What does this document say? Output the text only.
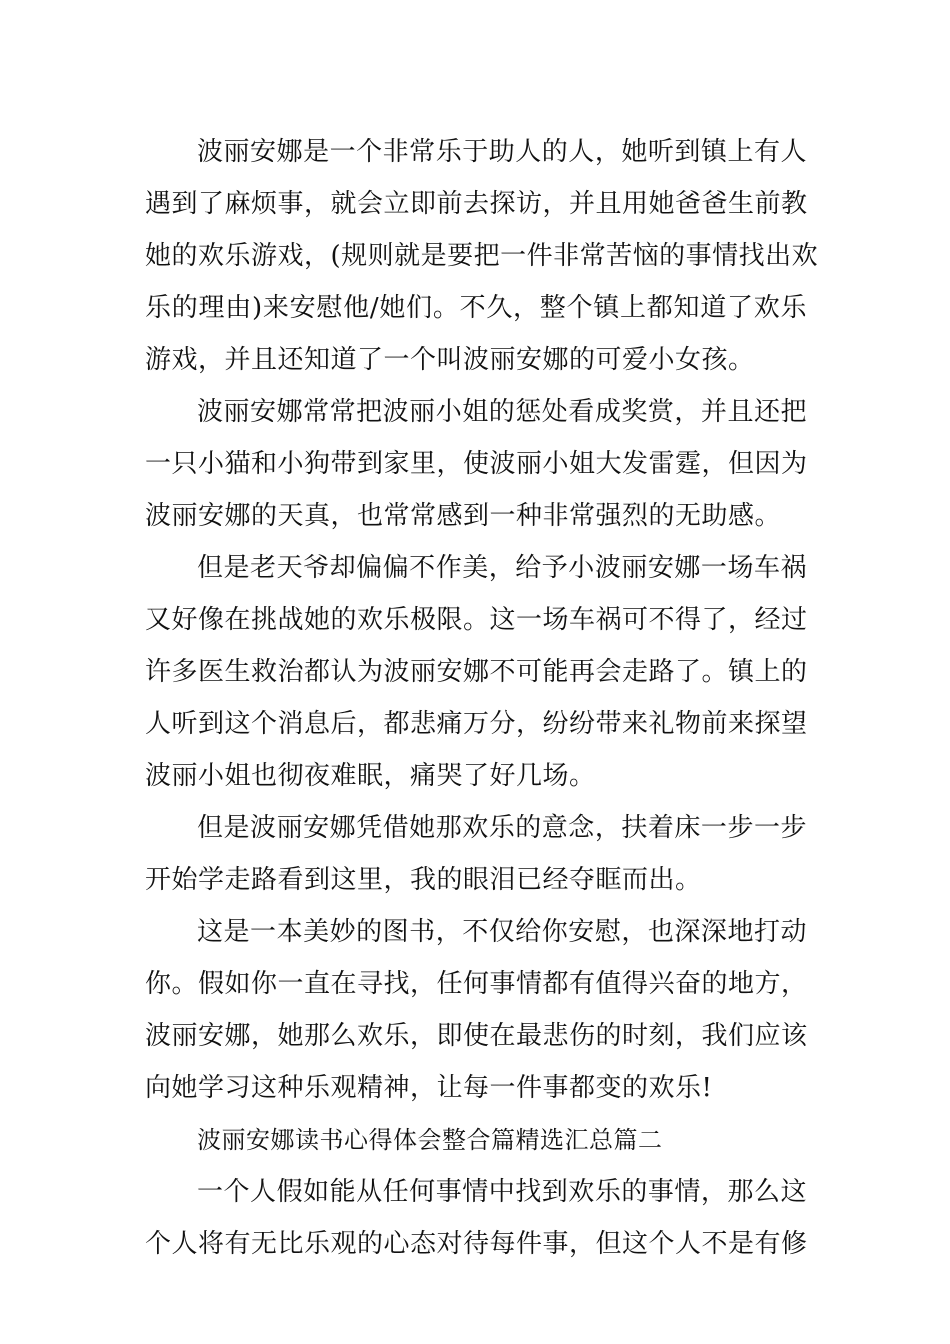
波丽安娜是一个非常乐于助人的人，她听到镇上有人
遇到了麻烦事，就会立即前去探访，并且用她爸爸生前教
她的欢乐游戏，(规则就是要把一件非常苦恼的事情找出欢
乐的理由)来安慰他/她们。不久，整个镇上都知道了欢乐
游戏，并且还知道了一个叫波丽安娜的可爱小女孩。
波丽安娜常常把波丽小姐的惩处看成奖赏，并且还把
一只小猫和小狗带到家里，使波丽小姐大发雷霆，但因为
波丽安娜的天真，也常常感到一种非常强烈的无助感。
但是老天爷却偏偏不作美，给予小波丽安娜一场车祸
又好像在挑战她的欢乐极限。这一场车祸可不得了，经过
许多医生救治都认为波丽安娜不可能再会走路了。镇上的
人听到这个消息后，都悲痛万分，纷纷带来礼物前来探望
波丽小姐也彻夜难眠，痛哭了好几场。
但是波丽安娜凭借她那欢乐的意念，扶着床一步一步
开始学走路看到这里，我的眼泪已经夺眶而出。
这是一本美妙的图书，不仅给你安慰，也深深地打动
你。假如你一直在寻找，任何事情都有值得兴奋的地方，
波丽安娜，她那么欢乐，即使在最悲伤的时刻，我们应该
向她学习这种乐观精神，让每一件事都变的欢乐!
波丽安娜读书心得体会整合篇精选汇总篇二
一个人假如能从任何事情中找到欢乐的事情，那么这
个人将有无比乐观的心态对待每件事，但这个人不是有修
